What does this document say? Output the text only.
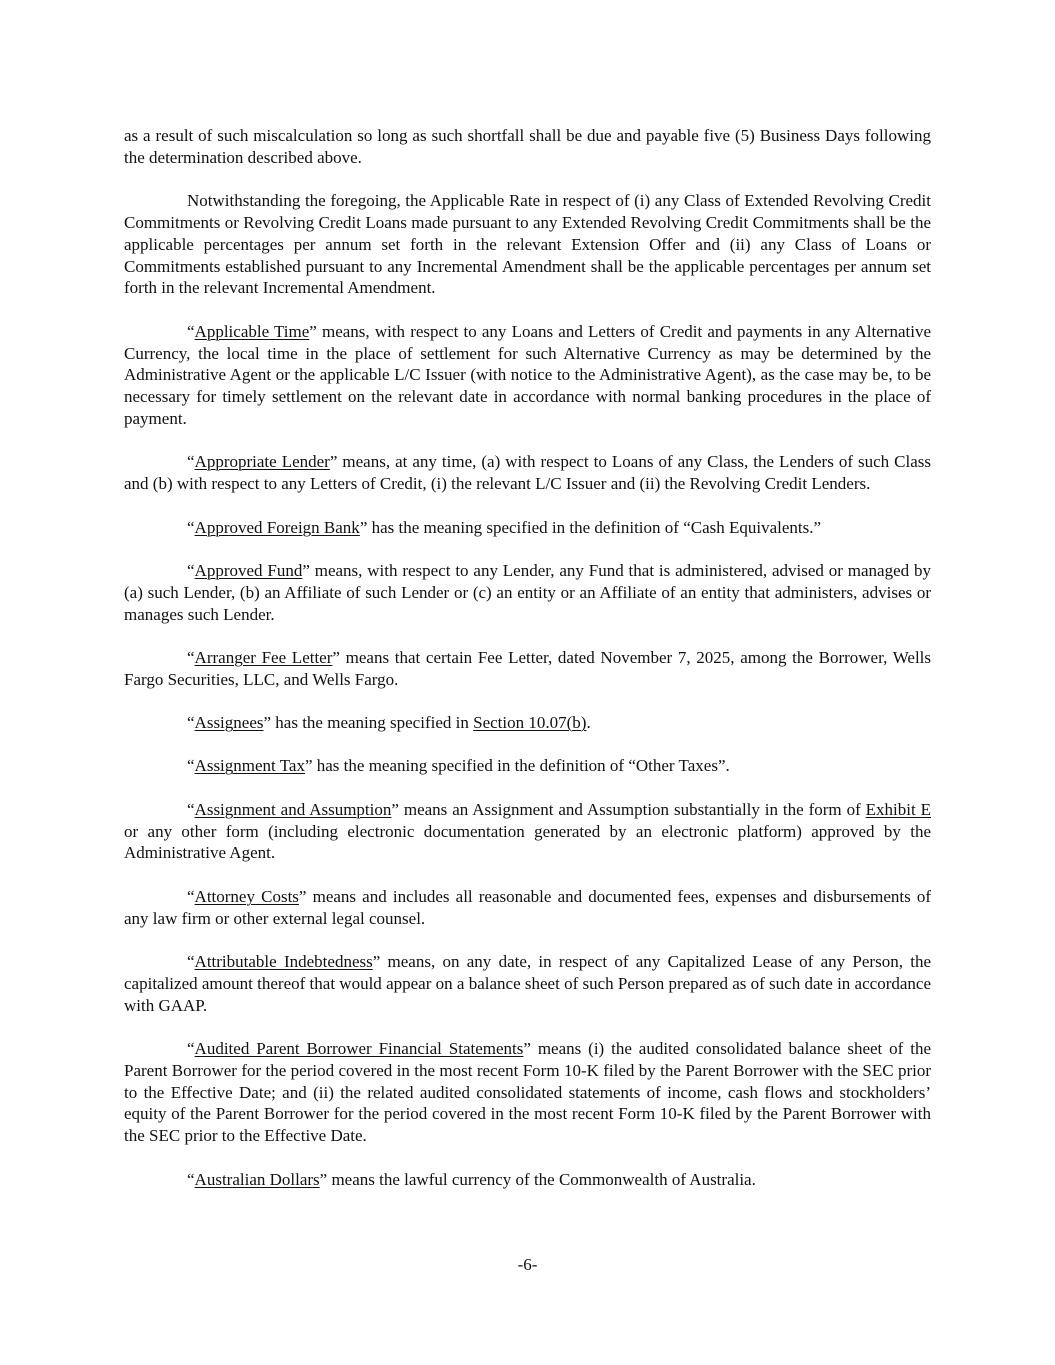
as a result of such miscalculation so long as such shortfall shall be due and payable five (5) Business Days following the determination described above.

Notwithstanding the foregoing, the Applicable Rate in respect of (i) any Class of Extended Revolving Credit Commitments or Revolving Credit Loans made pursuant to any Extended Revolving Credit Commitments shall be the applicable percentages per annum set forth in the relevant Extension Offer and (ii) any Class of Loans or Commitments established pursuant to any Incremental Amendment shall be the applicable percentages per annum set forth in the relevant Incremental Amendment.

“Applicable Time” means, with respect to any Loans and Letters of Credit and payments in any Alternative Currency, the local time in the place of settlement for such Alternative Currency as may be determined by the Administrative Agent or the applicable L/C Issuer (with notice to the Administrative Agent), as the case may be, to be necessary for timely settlement on the relevant date in accordance with normal banking procedures in the place of payment.

“Appropriate Lender” means, at any time, (a) with respect to Loans of any Class, the Lenders of such Class and (b) with respect to any Letters of Credit, (i) the relevant L/C Issuer and (ii) the Revolving Credit Lenders.

“Approved Foreign Bank” has the meaning specified in the definition of “Cash Equivalents.”

“Approved Fund” means, with respect to any Lender, any Fund that is administered, advised or managed by (a) such Lender, (b) an Affiliate of such Lender or (c) an entity or an Affiliate of an entity that administers, advises or manages such Lender.

“Arranger Fee Letter” means that certain Fee Letter, dated November 7, 2025, among the Borrower, Wells Fargo Securities, LLC, and Wells Fargo.

“Assignees” has the meaning specified in Section 10.07(b).

“Assignment Tax” has the meaning specified in the definition of “Other Taxes”.

“Assignment and Assumption” means an Assignment and Assumption substantially in the form of Exhibit E or any other form (including electronic documentation generated by an electronic platform) approved by the Administrative Agent.

“Attorney Costs” means and includes all reasonable and documented fees, expenses and disbursements of any law firm or other external legal counsel.

“Attributable Indebtedness” means, on any date, in respect of any Capitalized Lease of any Person, the capitalized amount thereof that would appear on a balance sheet of such Person prepared as of such date in accordance with GAAP.

“Audited Parent Borrower Financial Statements” means (i) the audited consolidated balance sheet of the Parent Borrower for the period covered in the most recent Form 10-K filed by the Parent Borrower with the SEC prior to the Effective Date; and (ii) the related audited consolidated statements of income, cash flows and stockholders’ equity of the Parent Borrower for the period covered in the most recent Form 10-K filed by the Parent Borrower with the SEC prior to the Effective Date.

“Australian Dollars” means the lawful currency of the Commonwealth of Australia.

-6-
